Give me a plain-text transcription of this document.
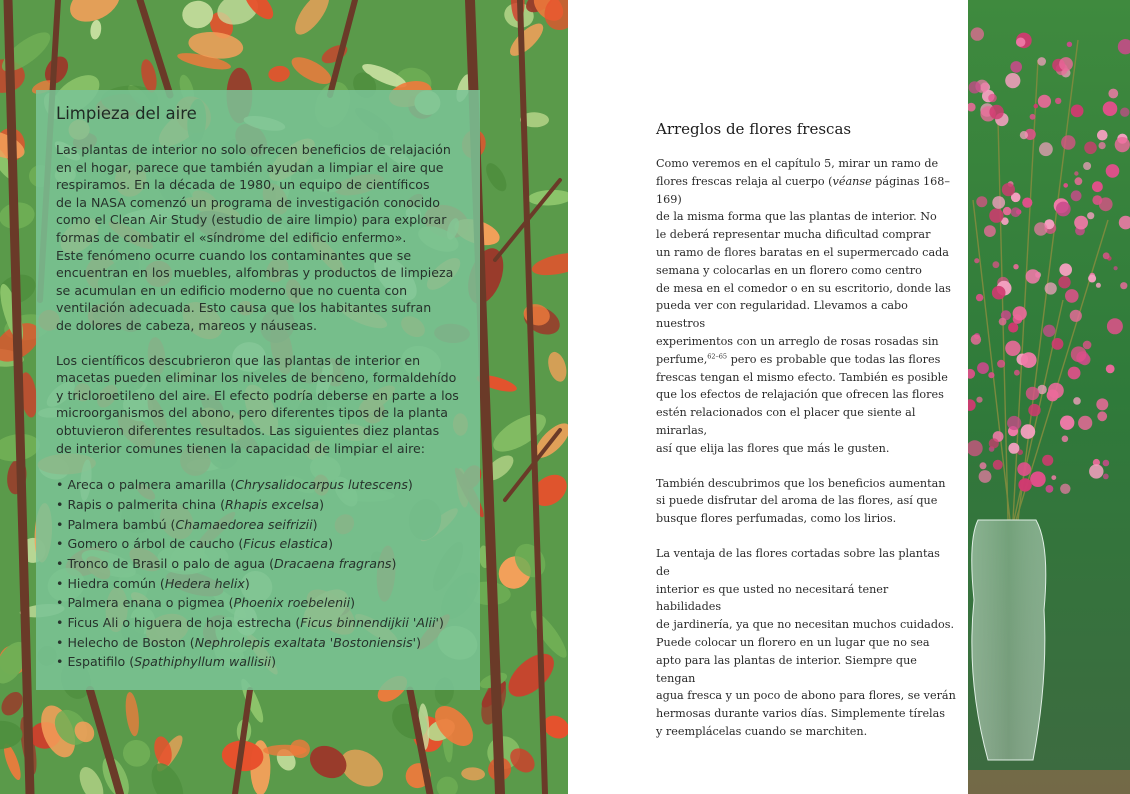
Limpieza del aire

Las plantas de interior no solo ofrecen beneficios de relajación
en el hogar, parece que también ayudan a limpiar el aire que
respiramos. En la década de 1980, un equipo de científicos
de la NASA comenzó un programa de investigación conocido
como el Clean Air Study (estudio de aire limpio) para explorar
formas de combatir el «síndrome del edificio enfermo».
Este fenómeno ocurre cuando los contaminantes que se
encuentran en los muebles, alfombras y productos de limpieza
se acumulan en un edificio moderno que no cuenta con
ventilación adecuada. Esto causa que los habitantes sufran
de dolores de cabeza, mareos y náuseas.

Los científicos descubrieron que las plantas de interior en
macetas pueden eliminar los niveles de benceno, formaldehído
y tricloroetileno del aire. El efecto podría deberse en parte a los
microorganismos del abono, pero diferentes tipos de la planta
obtuvieron diferentes resultados. Las siguientes diez plantas
de interior comunes tienen la capacidad de limpiar el aire:

• Areca o palmera amarilla (Chrysalidocarpus lutescens)
• Rapis o palmerita china (Rhapis excelsa)
• Palmera bambú (Chamaedorea seifrizii)
• Gomero o árbol de caucho (Ficus elastica)
• Tronco de Brasil o palo de agua (Dracaena fragrans)
• Hiedra común (Hedera helix)
• Palmera enana o pigmea (Phoenix roebelenii)
• Ficus Ali o higuera de hoja estrecha (Ficus binnendijkii 'Alii')
• Helecho de Boston (Nephrolepis exaltata 'Bostoniensis')
• Espatifilo (Spathiphyllum wallisii)
Arreglos de flores frescas

Como veremos en el capítulo 5, mirar un ramo de
flores frescas relaja al cuerpo (véanse páginas 168–169)
de la misma forma que las plantas de interior. No
le deberá representar mucha dificultad comprar
un ramo de flores baratas en el supermercado cada
semana y colocarlas en un florero como centro
de mesa en el comedor o en su escritorio, donde las
pueda ver con regularidad. Llevamos a cabo nuestros
experimentos con un arreglo de rosas rosadas sin
perfume,$^{62-65}$ pero es probable que todas las flores
frescas tengan el mismo efecto. También es posible
que los efectos de relajación que ofrecen las flores
estén relacionados con el placer que siente al mirarlas,
así que elija las flores que más le gusten.

También descubrimos que los beneficios aumentan
si puede disfrutar del aroma de las flores, así que
busque flores perfumadas, como los lirios.

La ventaja de las flores cortadas sobre las plantas de
interior es que usted no necesitará tener habilidades
de jardinería, ya que no necesitan muchos cuidados.
Puede colocar un florero en un lugar que no sea
apto para las plantas de interior. Siempre que tengan
agua fresca y un poco de abono para flores, se verán
hermosas durante varios días. Simplemente tírelas
y reemplácelas cuando se marchiten.
